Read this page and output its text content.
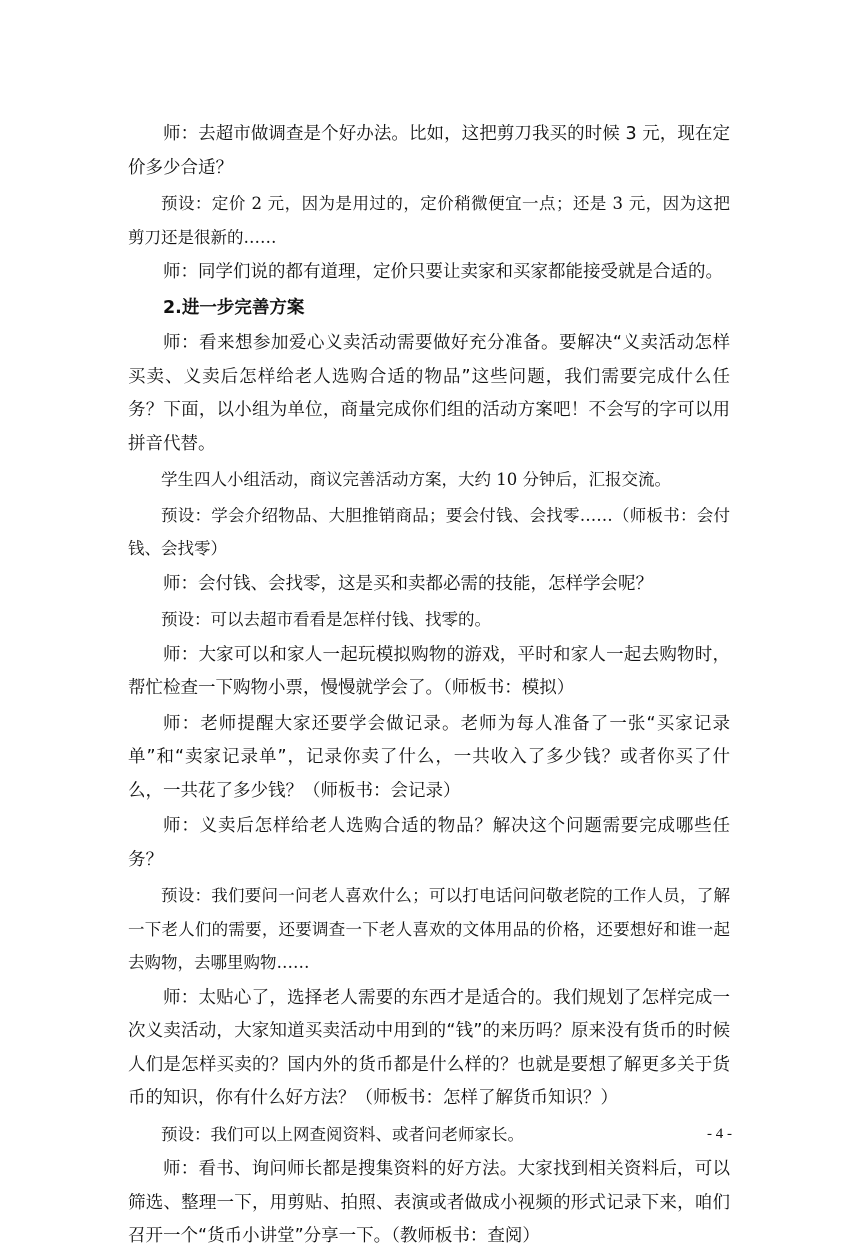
师：去超市做调查是个好办法。比如，这把剪刀我买的时候 3 元，现在定价多少合适？

预设：定价 2 元，因为是用过的，定价稍微便宜一点；还是 3 元，因为这把剪刀还是很新的……

师：同学们说的都有道理，定价只要让卖家和买家都能接受就是合适的。

2.进一步完善方案

师：看来想参加爱心义卖活动需要做好充分准备。要解决“义卖活动怎样买卖、义卖后怎样给老人选购合适的物品”这些问题，我们需要完成什么任务？下面，以小组为单位，商量完成你们组的活动方案吧！不会写的字可以用拼音代替。

学生四人小组活动，商议完善活动方案，大约 10 分钟后，汇报交流。

预设：学会介绍物品、大胆推销商品；要会付钱、会找零……（师板书：会付钱、会找零）

师：会付钱、会找零，这是买和卖都必需的技能，怎样学会呢？

预设：可以去超市看看是怎样付钱、找零的。

师：大家可以和家人一起玩模拟购物的游戏，平时和家人一起去购物时，帮忙检查一下购物小票，慢慢就学会了。（师板书：模拟）

师：老师提醒大家还要学会做记录。老师为每人准备了一张“买家记录单”和“卖家记录单”，记录你卖了什么，一共收入了多少钱？或者你买了什么，一共花了多少钱？（师板书：会记录）

师：义卖后怎样给老人选购合适的物品？解决这个问题需要完成哪些任务？

预设：我们要问一问老人喜欢什么；可以打电话问问敬老院的工作人员，了解一下老人们的需要，还要调查一下老人喜欢的文体用品的价格，还要想好和谁一起去购物，去哪里购物……

师：太贴心了，选择老人需要的东西才是适合的。我们规划了怎样完成一次义卖活动，大家知道买卖活动中用到的“钱”的来历吗？原来没有货币的时候人们是怎样买卖的？国内外的货币都是什么样的？也就是要想了解更多关于货币的知识，你有什么好方法？（师板书：怎样了解货币知识？）

预设：我们可以上网查阅资料、或者问老师家长。

师：看书、询问师长都是搜集资料的好方法。大家找到相关资料后，可以筛选、整理一下，用剪贴、拍照、表演或者做成小视频的形式记录下来，咱们召开一个“货币小讲堂”分享一下。（教师板书：查阅）

- 4 -
